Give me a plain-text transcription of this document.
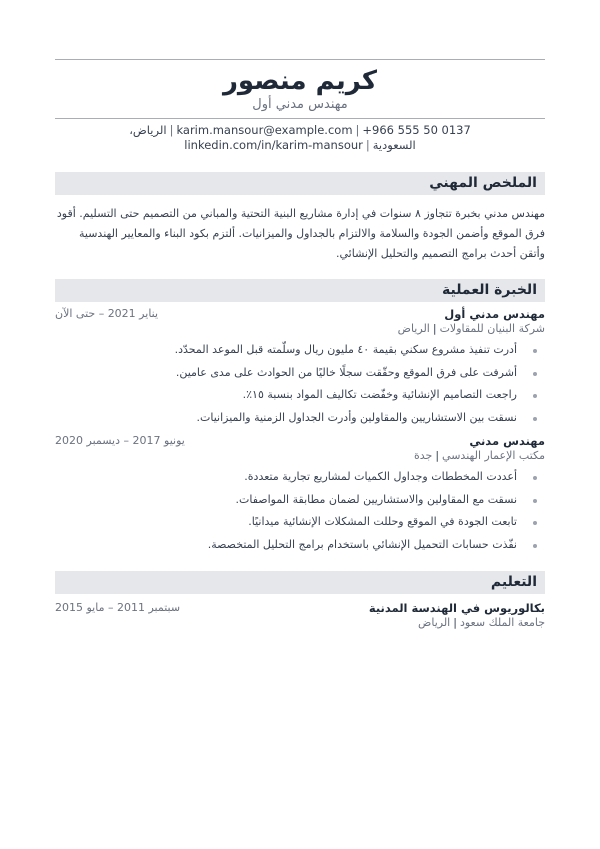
كريم منصور
مهندس مدني أول
+966 555 50 0137|karim.mansour@example.com|الرياض، السعودية|linkedin.com/in/karim-mansour
الملخص المهني
مهندس مدني بخبرة تتجاوز ٨ سنوات في إدارة مشاريع البنية التحتية والمباني من التصميم حتى التسليم. أقود فرق الموقع وأضمن الجودة والسلامة والالتزام بالجداول والميزانيات. ألتزم بكود البناء والمعايير الهندسية وأتقن أحدث برامج التصميم والتحليل الإنشائي.
الخبرة العملية
مهندس مدني أول
يناير 2021 – حتى الآن
شركة البنيان للمقاولات|الرياض
أدرت تنفيذ مشروع سكني بقيمة ٤٠ مليون ريال وسلّمته قبل الموعد المحدّد.
أشرفت على فرق الموقع وحقّقت سجلًا خاليًا من الحوادث على مدى عامين.
راجعت التصاميم الإنشائية وخفّضت تكاليف المواد بنسبة ١٥٪.
نسقت بين الاستشاريين والمقاولين وأدرت الجداول الزمنية والميزانيات.
مهندس مدني
يونيو 2017 – ديسمبر 2020
مكتب الإعمار الهندسي|جدة
أعددت المخططات وجداول الكميات لمشاريع تجارية متعددة.
نسقت مع المقاولين والاستشاريين لضمان مطابقة المواصفات.
تابعت الجودة في الموقع وحللت المشكلات الإنشائية ميدانيًا.
نفّذت حسابات التحميل الإنشائي باستخدام برامج التحليل المتخصصة.
التعليم
بكالوريوس في الهندسة المدنية
سبتمبر 2011 – مايو 2015
جامعة الملك سعود|الرياض
